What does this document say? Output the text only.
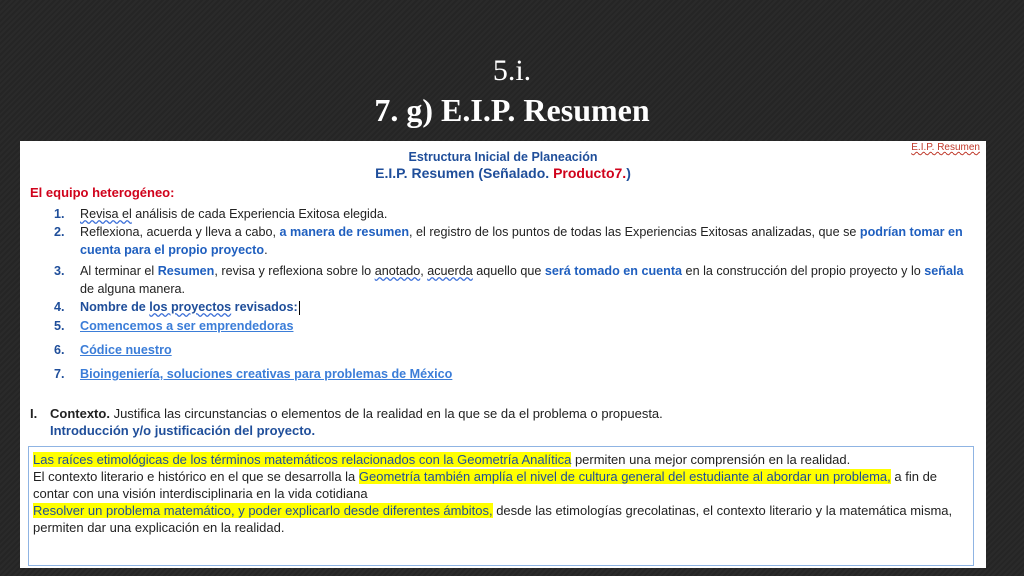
5.i.
7. g) E.I.P. Resumen
E.I.P. Resumen
Estructura Inicial de Planeación
E.I.P. Resumen (Señalado. Producto7.)
El equipo heterogéneo:
1. Revisa el análisis de cada Experiencia Exitosa elegida.
2. Reflexiona, acuerda y lleva a cabo, a manera de resumen, el registro de los puntos de todas las Experiencias Exitosas analizadas, que se podrían tomar en cuenta para el propio proyecto.
3. Al terminar el Resumen, revisa y reflexiona sobre lo anotado, acuerda aquello que será tomado en cuenta en la construcción del propio proyecto y lo señala de alguna manera.
4. Nombre de los proyectos revisados:
5. Comencemos a ser emprendedoras
6. Códice nuestro
7. Bioingeniería, soluciones creativas para problemas de México
I. Contexto. Justifica las circunstancias o elementos de la realidad en la que se da el problema o propuesta.
Introducción y/o justificación del proyecto.
Las raíces etimológicas de los términos matemáticos relacionados con la Geometría Analítica permiten una mejor comprensión en la realidad.
El contexto literario e histórico en el que se desarrolla la Geometría también amplía el nivel de cultura general del estudiante al abordar un problema, a fin de contar con una visión interdisciplinaria en la vida cotidiana
Resolver un problema matemático, y poder explicarlo desde diferentes ámbitos, desde las etimologías grecolatinas, el contexto literario y la matemática misma, permiten dar una explicación en la realidad.
